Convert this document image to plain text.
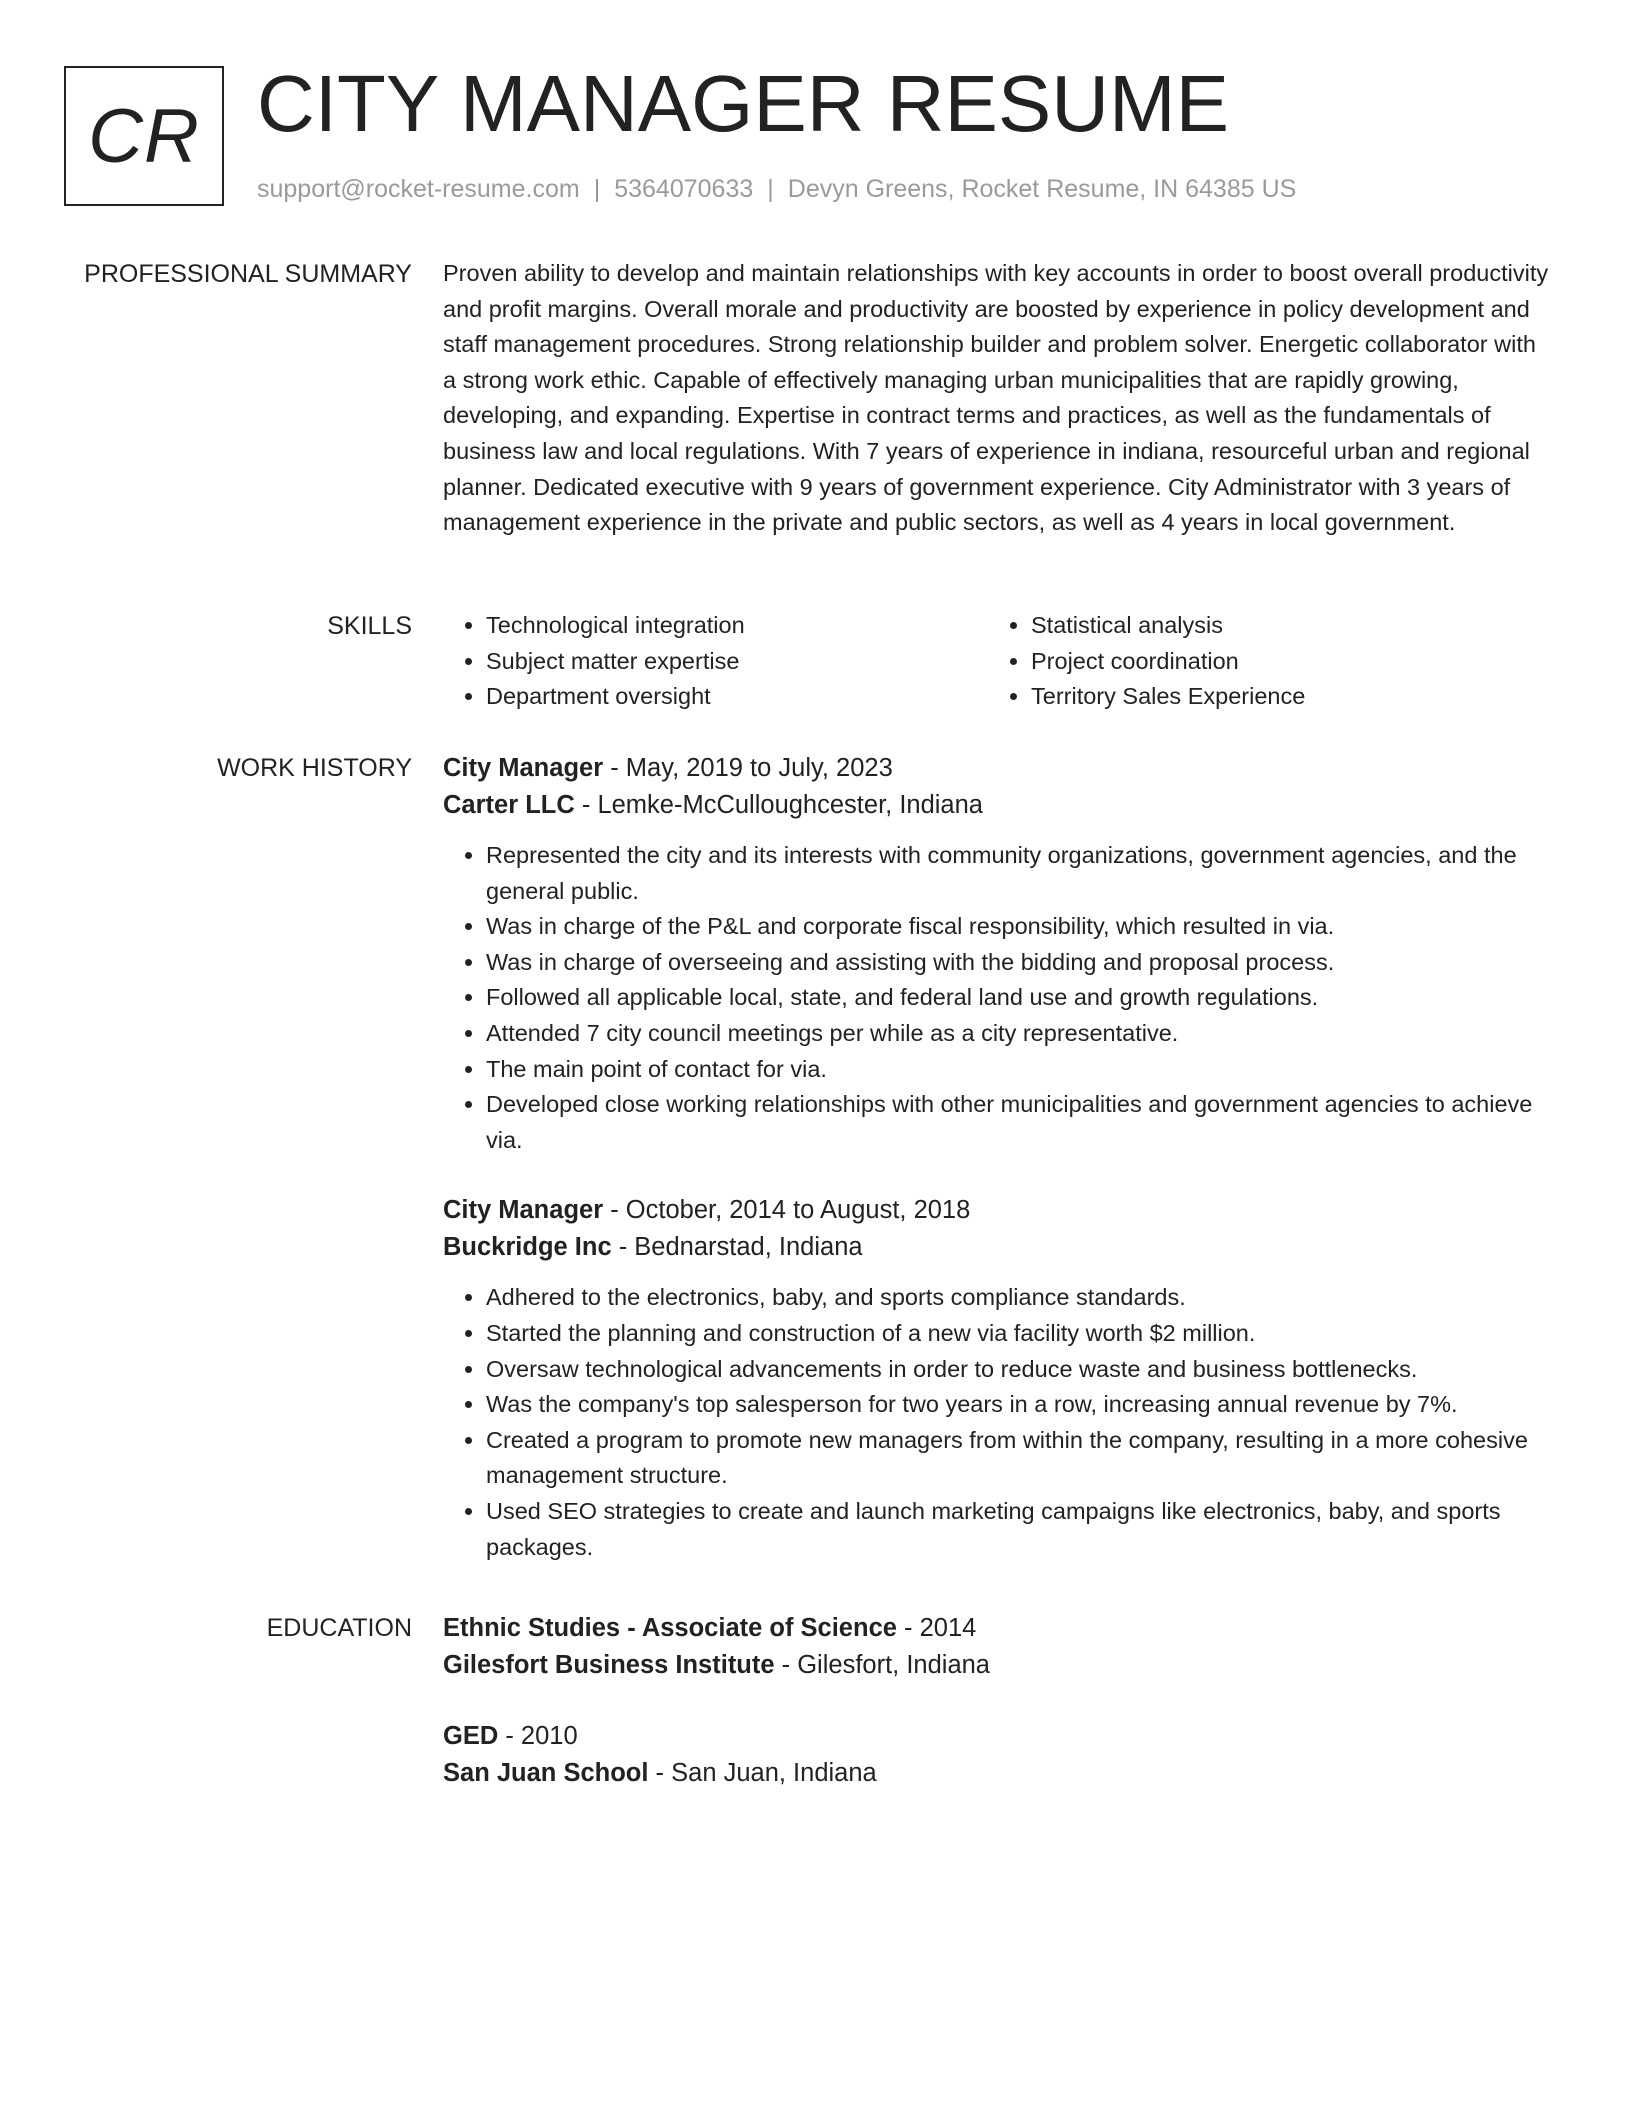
CR CITY MANAGER RESUME
support@rocket-resume.com | 5364070633 | Devyn Greens, Rocket Resume, IN 64385 US
PROFESSIONAL SUMMARY Proven ability to develop and maintain relationships with key accounts in order to boost overall productivity and profit margins. Overall morale and productivity are boosted by experience in policy development and staff management procedures. Strong relationship builder and problem solver. Energetic collaborator with a strong work ethic. Capable of effectively managing urban municipalities that are rapidly growing, developing, and expanding. Expertise in contract terms and practices, as well as the fundamentals of business law and local regulations. With 7 years of experience in indiana, resourceful urban and regional planner. Dedicated executive with 9 years of government experience. City Administrator with 3 years of management experience in the private and public sectors, as well as 4 years in local government.

SKILLS
•	Technological integration
• Subject matter expertise
• Department oversight
• Statistical analysis
• Project coordination
• Territory Sales Experience
WORK HISTORY City Manager - May, 2019 to July, 2023
Carter LLC - Lemke-McCulloughcester, Indiana
• Represented the city and its interests with community organizations, government agencies, and the general public.
• Was in charge of the P&L and corporate fiscal responsibility, which resulted in via.
• Was in charge of overseeing and assisting with the bidding and proposal process.
• Followed all applicable local, state, and federal land use and growth regulations.
• Attended 7 city council meetings per while as a city representative.
• The main point of contact for via.
• Developed close working relationships with other municipalities and government agencies to achieve via.
City Manager - October, 2014 to August, 2018
Buckridge Inc - Bednarstad, Indiana
• Adhered to the electronics, baby, and sports compliance standards.
• Started the planning and construction of a new via facility worth $2 million.
• Oversaw technological advancements in order to reduce waste and business bottlenecks.
• Was the company's top salesperson for two years in a row, increasing annual revenue by 7%.
• Created a program to promote new managers from within the company, resulting in a more cohesive management structure.
• Used SEO strategies to create and launch marketing campaigns like electronics, baby, and sports packages.
EDUCATION Ethnic Studies - Associate of Science - 2014
Gilesfort Business Institute - Gilesfort, Indiana
GED - 2010
San Juan School - San Juan, Indiana
